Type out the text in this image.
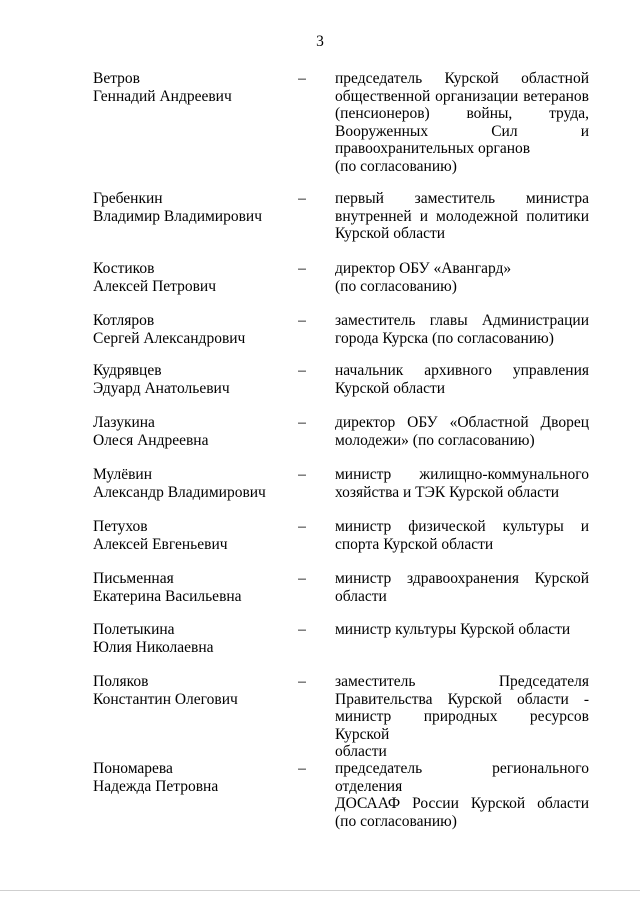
3
Ветров
Геннадий Андреевич
– председатель Курской областной
общественной организации ветеранов
(пенсионеров) войны, труда,
Вооруженных Сил и
правоохранительных органов
(по согласованию)
Гребенкин
Владимир Владимирович
– первый заместитель министра
внутренней и молодежной политики
Курской области
Костиков
Алексей Петрович
– директор ОБУ «Авангард»
(по согласованию)
Котляров
Сергей Александрович
– заместитель главы Администрации
города Курска (по согласованию)
Кудрявцев
Эдуард Анатольевич
– начальник архивного управления
Курской области
Лазукина
Олеся Андреевна
– директор ОБУ «Областной Дворец
молодежи» (по согласованию)
Мулёвин
Александр Владимирович
– министр жилищно-коммунального
хозяйства и ТЭК Курской области
Петухов
Алексей Евгеньевич
– министр физической культуры и
спорта Курской области
Письменная
Екатерина Васильевна
– министр здравоохранения Курской
области
Полетыкина
Юлия Николаевна
– министр культуры Курской области
Поляков
Константин Олегович
– заместитель Председателя
Правительства Курской области -
министр природных ресурсов Курской
области
Пономарева
Надежда Петровна
– председатель регионального отделения
ДОСААФ России Курской области
(по согласованию)
